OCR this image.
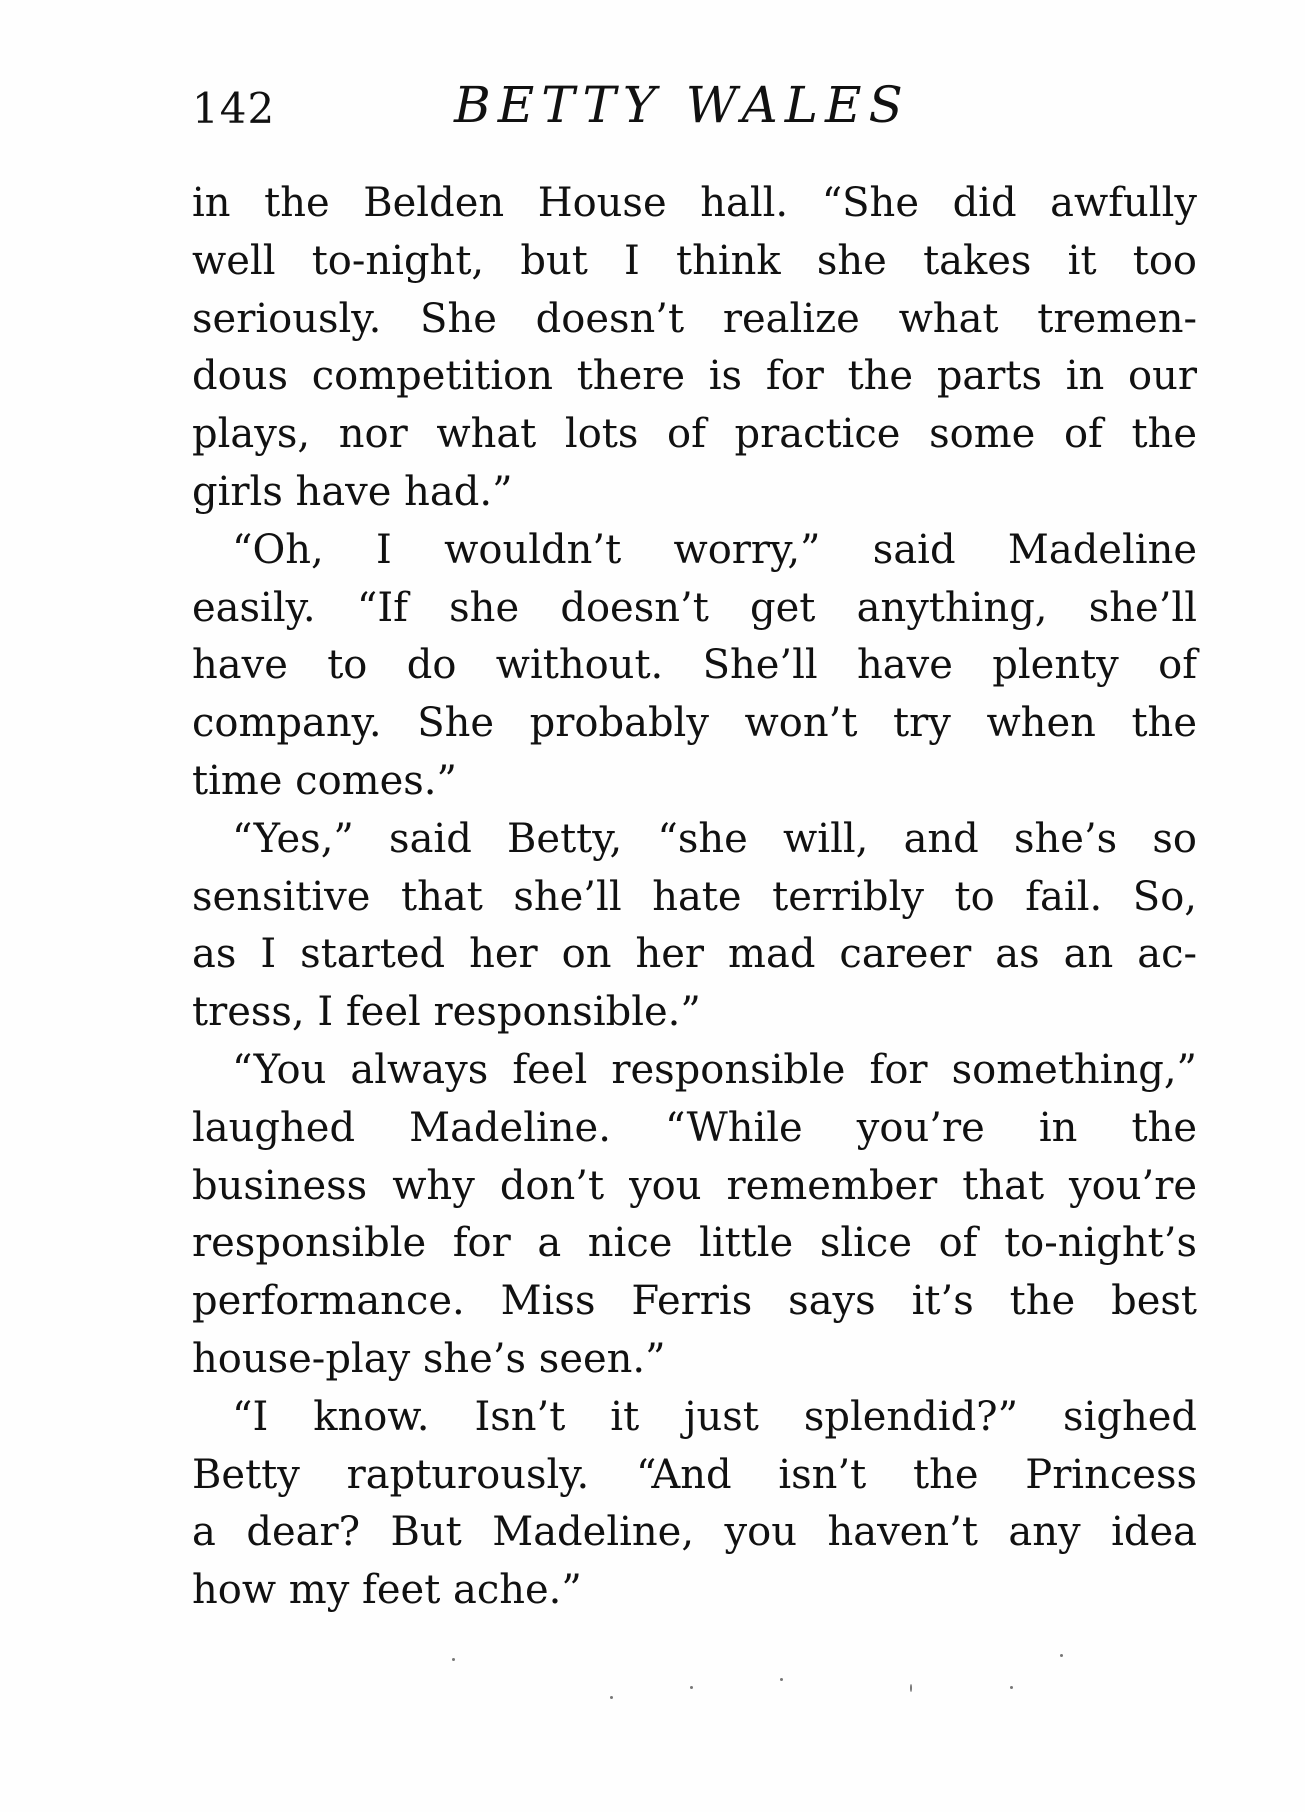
142	BETTY WALES
in the Belden House hall. “She did awfully
well to-night, but I think she takes it too
seriously. She doesn’t realize what tremen-
dous competition there is for the parts in our
plays, nor what lots of practice some of the
girls have had.”
“Oh, I wouldn’t worry,” said Madeline
easily. “If she doesn’t get anything, she’ll
have to do without. She’ll have plenty of
company. She probably won’t try when the
time comes.”
“Yes,” said Betty, “she will, and she’s so
sensitive that she’ll hate terribly to fail. So,
as I started her on her mad career as an ac-
tress, I feel responsible.”
“You always feel responsible for something,”
laughed Madeline. “While you’re in the
business why don’t you remember that you’re
responsible for a nice little slice of to-night’s
performance. Miss Ferris says it’s the best
house-play she’s seen.”
“I know. Isn’t it just splendid?” sighed
Betty rapturously. “And isn’t the Princess
a dear? But Madeline, you haven’t any idea
how my feet ache.”
